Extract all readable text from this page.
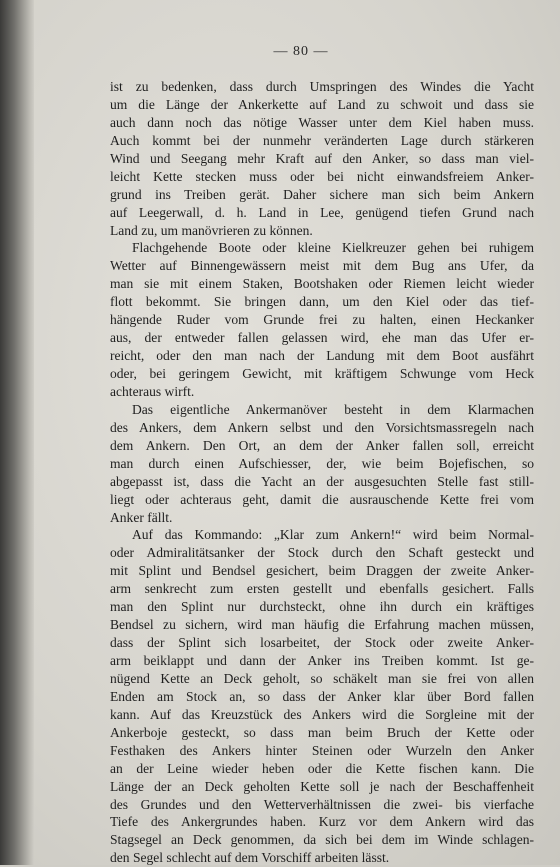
— 80 —
ist zu bedenken, dass durch Umspringen des Windes die Yacht
um die Länge der Ankerkette auf Land zu schwoit und dass sie
auch dann noch das nötige Wasser unter dem Kiel haben muss.
Auch kommt bei der nunmehr veränderten Lage durch stärkeren
Wind und Seegang mehr Kraft auf den Anker, so dass man viel-
leicht Kette stecken muss oder bei nicht einwandsfreiem Anker-
grund ins Treiben gerät. Daher sichere man sich beim Ankern
auf Leegerwall, d. h. Land in Lee, genügend tiefen Grund nach
Land zu, um manövrieren zu können.
Flachgehende Boote oder kleine Kielkreuzer gehen bei ruhigem
Wetter auf Binnengewässern meist mit dem Bug ans Ufer, da
man sie mit einem Staken, Bootshaken oder Riemen leicht wieder
flott bekommt. Sie bringen dann, um den Kiel oder das tief-
hängende Ruder vom Grunde frei zu halten, einen Heckanker
aus, der entweder fallen gelassen wird, ehe man das Ufer er-
reicht, oder den man nach der Landung mit dem Boot ausfährt
oder, bei geringem Gewicht, mit kräftigem Schwunge vom Heck
achteraus wirft.
Das eigentliche Ankermanöver besteht in dem Klarmachen
des Ankers, dem Ankern selbst und den Vorsichtsmassregeln nach
dem Ankern. Den Ort, an dem der Anker fallen soll, erreicht
man durch einen Aufschiesser, der, wie beim Bojefischen, so
abgepasst ist, dass die Yacht an der ausgesuchten Stelle fast still-
liegt oder achteraus geht, damit die ausrauschende Kette frei vom
Anker fällt.
Auf das Kommando: „Klar zum Ankern!“ wird beim Normal-
oder Admiralitätsanker der Stock durch den Schaft gesteckt und
mit Splint und Bendsel gesichert, beim Draggen der zweite Anker-
arm senkrecht zum ersten gestellt und ebenfalls gesichert. Falls
man den Splint nur durchsteckt, ohne ihn durch ein kräftiges
Bendsel zu sichern, wird man häufig die Erfahrung machen müssen,
dass der Splint sich losarbeitet, der Stock oder zweite Anker-
arm beiklappt und dann der Anker ins Treiben kommt. Ist ge-
nügend Kette an Deck geholt, so schäkelt man sie frei von allen
Enden am Stock an, so dass der Anker klar über Bord fallen
kann. Auf das Kreuzstück des Ankers wird die Sorgleine mit der
Ankerboje gesteckt, so dass man beim Bruch der Kette oder
Festhaken des Ankers hinter Steinen oder Wurzeln den Anker
an der Leine wieder heben oder die Kette fischen kann. Die
Länge der an Deck geholten Kette soll je nach der Beschaffenheit
des Grundes und den Wetterverhältnissen die zwei- bis vierfache
Tiefe des Ankergrundes haben. Kurz vor dem Ankern wird das
Stagsegel an Deck genommen, da sich bei dem im Winde schlagen-
den Segel schlecht auf dem Vorschiff arbeiten lässt.
